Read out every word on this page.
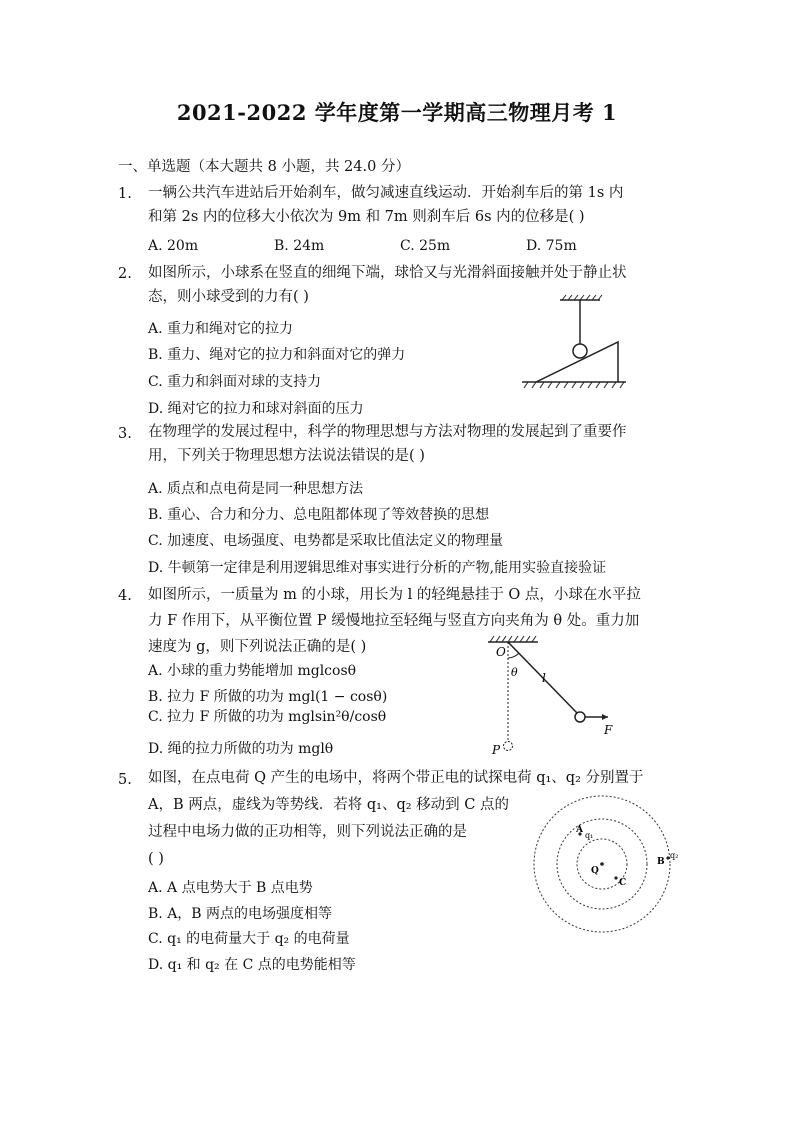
2021-2022 学年度第一学期高三物理月考 1
一、单选题（本大题共 8 小题，共 24.0 分）
1. 一辆公共汽车进站后开始刹车，做匀减速直线运动．开始刹车后的第 1s 内
和第 2s 内的位移大小依次为 9m 和 7m 则刹车后 6s 内的位移是( )
A. 20m	B. 24m	C. 25m	D. 75m
2. 如图所示，小球系在竖直的细绳下端，球恰又与光滑斜面接触并处于静止状
态，则小球受到的力有( )
A. 重力和绳对它的拉力
B. 重力、绳对它的拉力和斜面对它的弹力
C. 重力和斜面对球的支持力
D. 绳对它的拉力和球对斜面的压力
3. 在物理学的发展过程中，科学的物理思想与方法对物理的发展起到了重要作
用，下列关于物理思想方法说法错误的是( )
A. 质点和点电荷是同一种思想方法
B. 重心、合力和分力、总电阻都体现了等效替换的思想
C. 加速度、电场强度、电势都是采取比值法定义的物理量
D. 牛顿第一定律是利用逻辑思维对事实进行分析的产物,能用实验直接验证
4. 如图所示，一质量为 m 的小球，用长为 l 的轻绳悬挂于 O 点，小球在水平拉
力 F 作用下，从平衡位置 P 缓慢地拉至轻绳与竖直方向夹角为 θ 处。重力加
速度为 g，则下列说法正确的是( )
A. 小球的重力势能增加 mglcosθ
B. 拉力 F 所做的功为 mgl(1 − cosθ)
C. 拉力 F 所做的功为 mglsin²θ/cosθ
D. 绳的拉力所做的功为 mglθ
O
θ l
F
P
5. 如图，在点电荷 Q 产生的电场中，将两个带正电的试探电荷 q₁、q₂ 分别置于
A，B 两点，虚线为等势线．若将 q₁、q₂ 移动到 C 点的
过程中电场力做的正功相等，则下列说法正确的是
( )
A. A 点电势大于 B 点电势
B. A，B 两点的电场强度相等
C. q₁ 的电荷量大于 q₂ 的电荷量
D. q₁ 和 q₂ 在 C 点的电势能相等
A
q₁
B
q₂
Q
C
